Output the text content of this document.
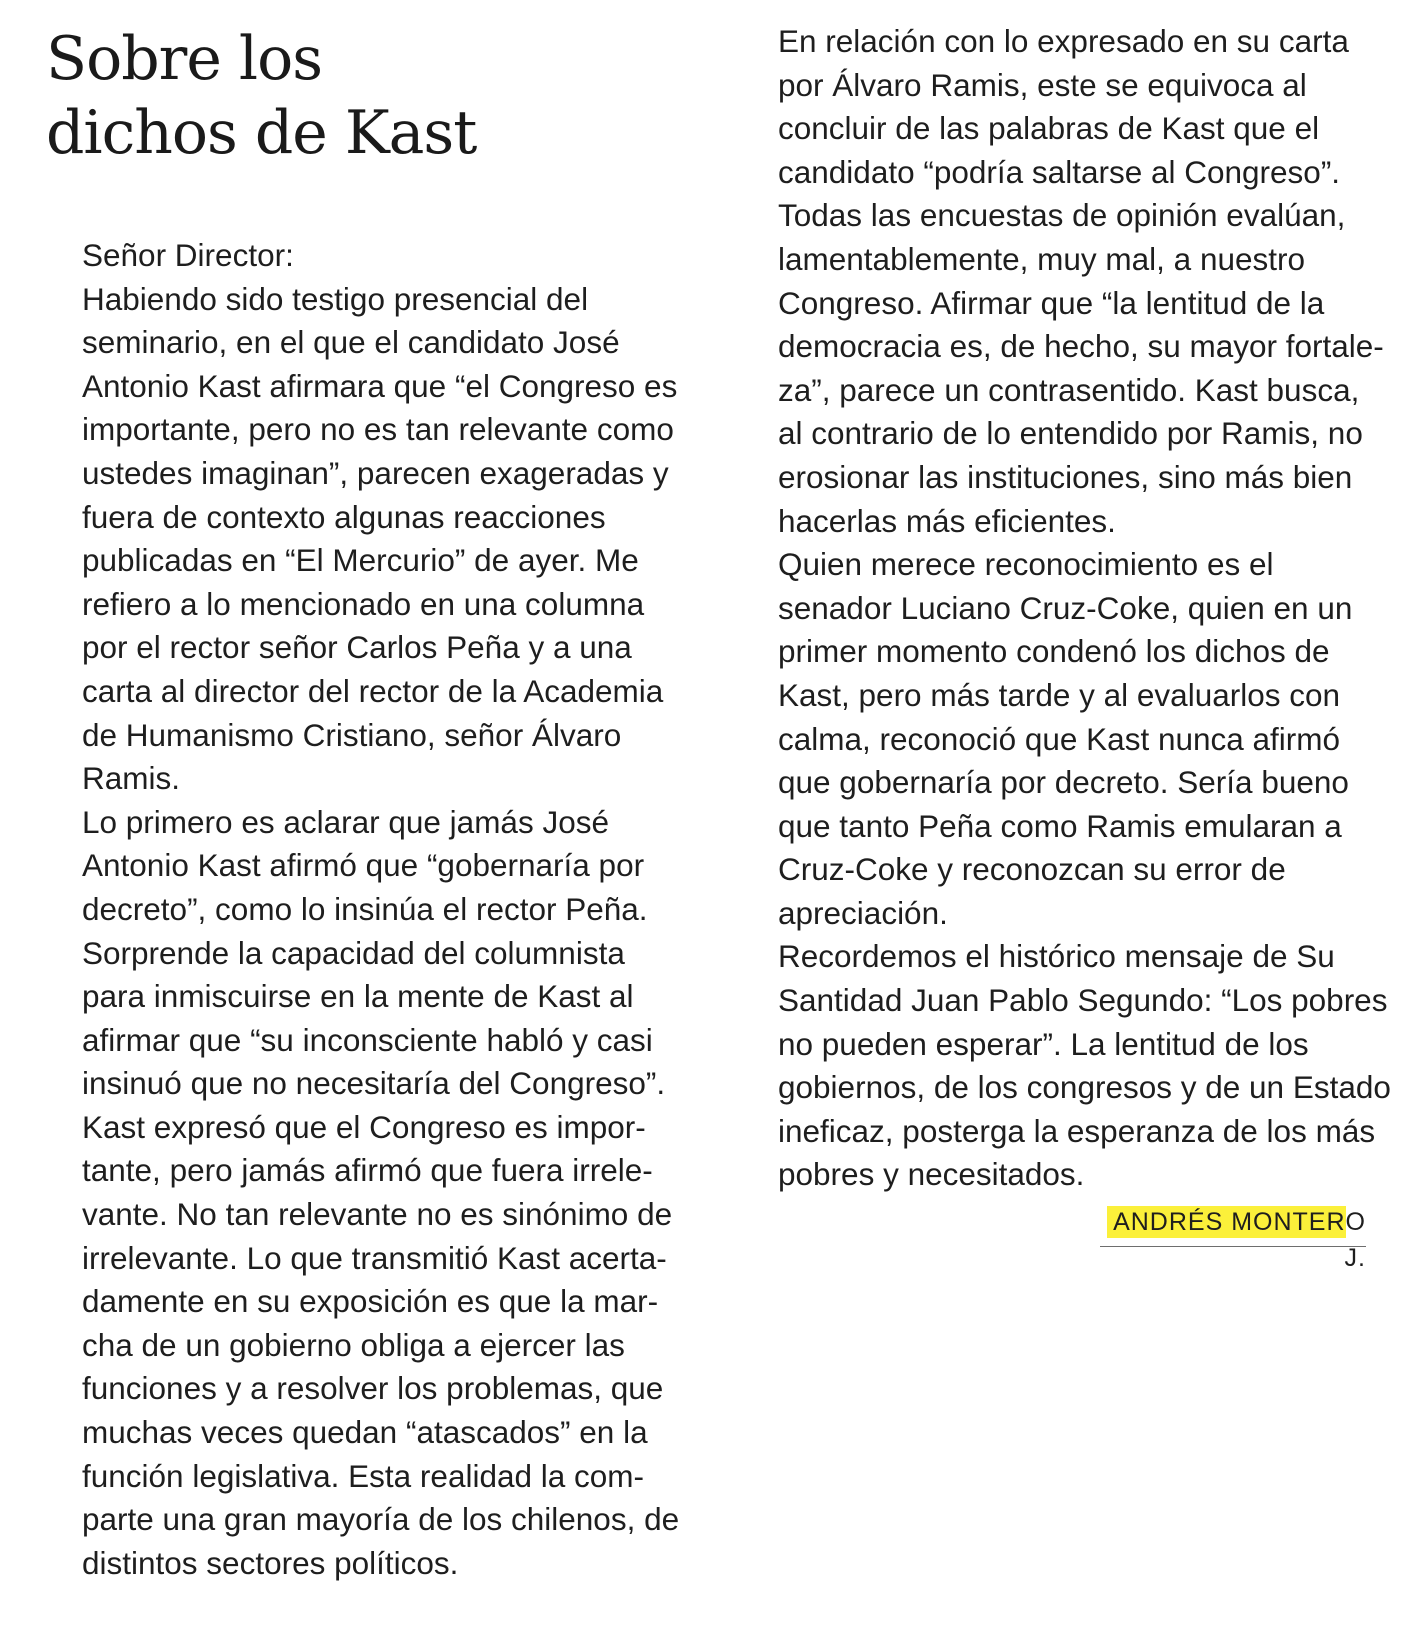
Sobre los
dichos de Kast

Señor Director:

Habiendo sido testigo presencial del
seminario, en el que el candidato José
Antonio Kast afirmara que “el Congreso es
importante, pero no es tan relevante como
ustedes imaginan”, parecen exageradas y
fuera de contexto algunas reacciones
publicadas en “El Mercurio” de ayer. Me
refiero a lo mencionado en una columna
por el rector señor Carlos Peña y a una
carta al director del rector de la Academia
de Humanismo Cristiano, señor Álvaro
Ramis.

Lo primero es aclarar que jamás José
Antonio Kast afirmó que “gobernaría por
decreto”, como lo insinúa el rector Peña.
Sorprende la capacidad del columnista
para inmiscuirse en la mente de Kast al
afirmar que “su inconsciente habló y casi
insinuó que no necesitaría del Congreso”.

Kast expresó que el Congreso es impor-
tante, pero jamás afirmó que fuera irrele-
vante. No tan relevante no es sinónimo de
irrelevante. Lo que transmitió Kast acerta-
damente en su exposición es que la mar-
cha de un gobierno obliga a ejercer las
funciones y a resolver los problemas, que
muchas veces quedan “atascados” en la
función legislativa. Esta realidad la com-
parte una gran mayoría de los chilenos, de
distintos sectores políticos.

En relación con lo expresado en su carta
por Álvaro Ramis, este se equivoca al
concluir de las palabras de Kast que el
candidato “podría saltarse al Congreso”.
Todas las encuestas de opinión evalúan,
lamentablemente, muy mal, a nuestro
Congreso. Afirmar que “la lentitud de la
democracia es, de hecho, su mayor fortale-
za”, parece un contrasentido. Kast busca,
al contrario de lo entendido por Ramis, no
erosionar las instituciones, sino más bien
hacerlas más eficientes.

Quien merece reconocimiento es el
senador Luciano Cruz-Coke, quien en un
primer momento condenó los dichos de
Kast, pero más tarde y al evaluarlos con
calma, reconoció que Kast nunca afirmó
que gobernaría por decreto. Sería bueno
que tanto Peña como Ramis emularan a
Cruz-Coke y reconozcan su error de
apreciación.

Recordemos el histórico mensaje de Su
Santidad Juan Pablo Segundo: “Los pobres
no pueden esperar”. La lentitud de los
gobiernos, de los congresos y de un Estado
ineficaz, posterga la esperanza de los más
pobres y necesitados.

ANDRÉS MONTERO J.
